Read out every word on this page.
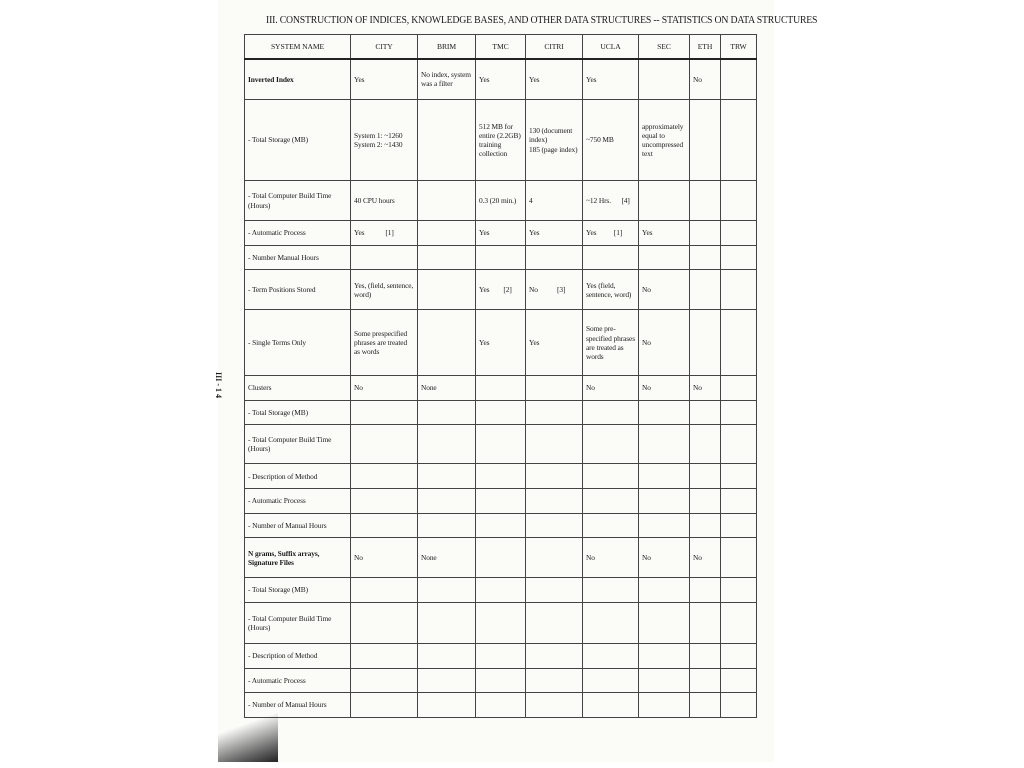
III. CONSTRUCTION OF INDICES, KNOWLEDGE BASES, AND OTHER DATA STRUCTURES -- STATISTICS ON DATA STRUCTURES
III - 1 4
SYSTEM NAME	CITY	BRIM	TMC	CITRI	UCLA	SEC	ETH	TRW
Inverted Index	Yes	No index, system was a filter	Yes	Yes	Yes		No	
- Total Storage (MB)	System 1: ~1260
System 2: ~1430		512 MB for entire (2.2GB) training collection	130 (document index)
185 (page index)	~750 MB	approximately equal to uncompressed text		
- Total Computer Build Time (Hours)	40 CPU hours		0.3 (20 min.)	4	~12 Hrs.      [4]			
- Automatic Process	Yes            [1]		Yes	Yes	Yes          [1]	Yes		
- Number Manual Hours								
- Term Positions Stored	Yes, (field, sentence, word)		Yes        [2]	No           [3]	Yes (field, sentence, word)	No		
- Single Terms Only	Some prespecified phrases are treated as words		Yes	Yes	Some pre-specified phrases are treated as words	No		
Clusters	No	None			No	No	No	
- Total Storage (MB)								
- Total Computer Build Time (Hours)								
- Description of Method								
- Automatic Process								
- Number of Manual Hours								
N grams, Suffix arrays, Signature Files	No	None			No	No	No	
- Total Storage (MB)								
- Total Computer Build Time (Hours)								
- Description of Method								
- Automatic Process								
- Number of Manual Hours								
